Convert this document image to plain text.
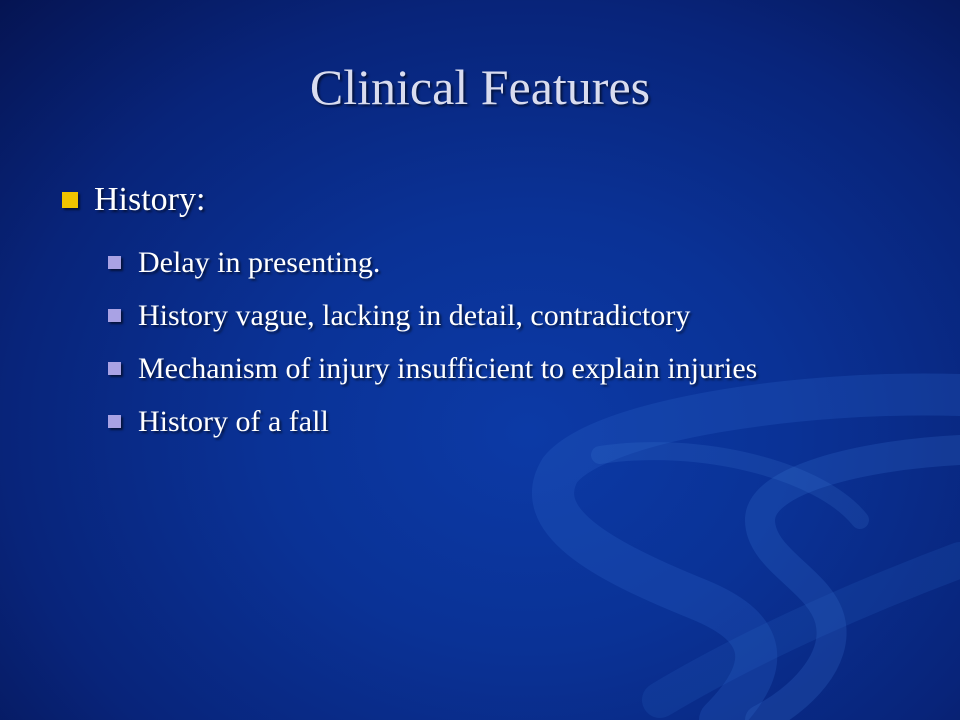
Clinical Features
History:
Delay in presenting.
History vague, lacking in detail, contradictory
Mechanism of injury insufficient to explain injuries
History of a fall
